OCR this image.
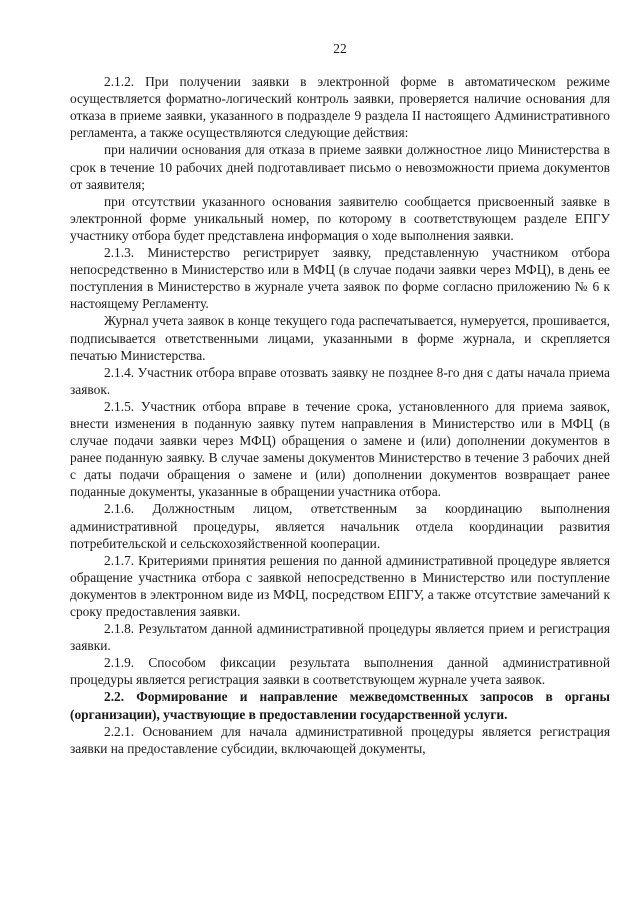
22

2.1.2. При получении заявки в электронной форме в автоматическом режиме осуществляется форматно-логический контроль заявки, проверяется наличие основания для отказа в приеме заявки, указанного в подразделе 9 раздела II настоящего Административного регламента, а также осуществляются следующие действия:

при наличии основания для отказа в приеме заявки должностное лицо Министерства в срок в течение 10 рабочих дней подготавливает письмо о невозможности приема документов от заявителя;

при отсутствии указанного основания заявителю сообщается присвоенный заявке в электронной форме уникальный номер, по которому в соответствующем разделе ЕПГУ участнику отбора будет представлена информация о ходе выполнения заявки.

2.1.3. Министерство регистрирует заявку, представленную участником отбора непосредственно в Министерство или в МФЦ (в случае подачи заявки через МФЦ), в день ее поступления в Министерство в журнале учета заявок по форме согласно приложению № 6 к настоящему Регламенту.

Журнал учета заявок в конце текущего года распечатывается, нумеруется, прошивается, подписывается ответственными лицами, указанными в форме журнала, и скрепляется печатью Министерства.

2.1.4. Участник отбора вправе отозвать заявку не позднее 8-го дня с даты начала приема заявок.

2.1.5. Участник отбора вправе в течение срока, установленного для приема заявок, внести изменения в поданную заявку путем направления в Министерство или в МФЦ (в случае подачи заявки через МФЦ) обращения о замене и (или) дополнении документов в ранее поданную заявку. В случае замены документов Министерство в течение 3 рабочих дней с даты подачи обращения о замене и (или) дополнении документов возвращает ранее поданные документы, указанные в обращении участника отбора.

2.1.6. Должностным лицом, ответственным за координацию выполнения административной процедуры, является начальник отдела координации развития потребительской и сельскохозяйственной кооперации.

2.1.7. Критериями принятия решения по данной административной процедуре является обращение участника отбора с заявкой непосредственно в Министерство или поступление документов в электронном виде из МФЦ, посредством ЕПГУ, а также отсутствие замечаний к сроку предоставления заявки.

2.1.8. Результатом данной административной процедуры является прием и регистрация заявки.

2.1.9. Способом фиксации результата выполнения данной административной процедуры является регистрация заявки в соответствующем журнале учета заявок.

2.2. Формирование и направление межведомственных запросов в органы (организации), участвующие в предоставлении государственной услуги.

2.2.1. Основанием для начала административной процедуры является регистрация заявки на предоставление субсидии, включающей документы,
